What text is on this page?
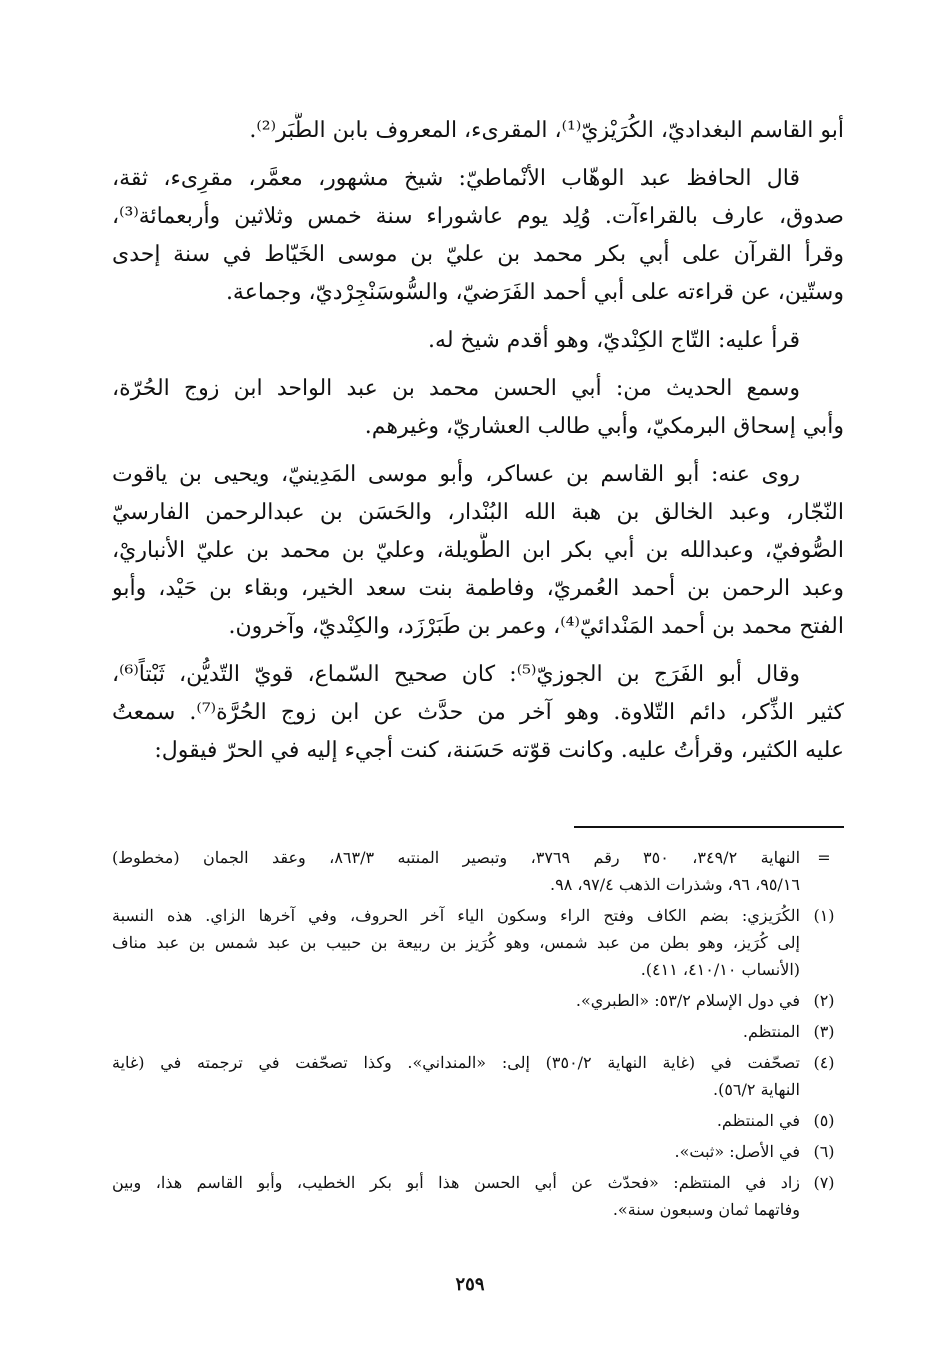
أبو القاسم البغداديّ، الكُرَيْزيّ⁽¹⁾، المقرىء، المعروف بابن الطَّبَر⁽²⁾.
قال الحافظ عبد الوهّاب الأنْماطيّ: شيخ مشهور، معمَّر، مقرِىء، ثقة،
صدوق، عارف بالقراءآت. وُلِد يوم عاشوراء سنة خمس وثلاثين وأربعمائة⁽³⁾،
وقرأ القرآن على أبي بكر محمد بن عليّ بن موسى الخَيّاط في سنة إحدى
وستّين، عن قراءته على أبي أحمد الفَرَضيّ، والسُّوسَنْجِرْديّ، وجماعة.
قرأ عليه: التّاج الكِنْديّ، وهو أقدم شيخ له.
وسمع الحديث من: أبي الحسن محمد بن عبد الواحد ابن زوج الحُرّة،
وأبي إسحاق البرمكيّ، وأبي طالب العشاريّ، وغيرهم.
روى عنه: أبو القاسم بن عساكر، وأبو موسى المَدِينيّ، ويحيى بن ياقوت
النّجّار، وعبد الخالق بن هبة الله البُنْدار، والحَسَن بن عبدالرحمن الفارسيّ
الصُّوفيّ، وعبدالله بن أبي بكر ابن الطُّويلة، وعليّ بن محمد بن عليّ الأنباريْ،
وعبد الرحمن بن أحمد العُمريّ، وفاطمة بنت سعد الخير، وبقاء بن حَيْد، وأبو
الفتح محمد بن أحمد المَنْدائيّ⁽⁴⁾، وعمر بن طَبَرْزَد، والكِنْديّ، وآخرون.
وقال أبو الفَرَج بن الجوزيّ⁽⁵⁾: كان صحيح السّماع، قويّ التّديُّن، ثَبْتاً⁽⁶⁾،
كثير الذِّكر، دائم التّلاوة. وهو آخر من حدَّث عن ابن زوج الحُرَّة⁽⁷⁾. سمعتُ
عليه الكثير، وقرأتُ عليه. وكانت قوّته حَسَنة، كنت أجيء إليه في الحرّ فيقول:
=
النهاية ٣٤٩/٢، ٣٥٠ رقم ٣٧٦٩، وتبصير المنتبه ٨٦٣/٣، وعقد الجمان (مخطوط)
٩٥/١٦، ٩٦، وشذرات الذهب ٩٧/٤، ٩٨.
(١)
الكُرَيزي: بضم الكاف وفتح الراء وسكون الياء آخر الحروف، وفي آخرها الزاي. هذه النسبة
إلى كُرَيز، وهو بطن من عبد شمس، وهو كُرَيز بن ربيعة بن حبيب بن عبد شمس بن عبد مناف
(الأنساب ٤١٠/١٠، ٤١١).
(٢)
في دول الإسلام ٥٣/٢: «الطبري».
(٣)
المنتظم.
(٤)
تصحّفت في (غاية النهاية ٣٥٠/٢) إلى: «المنداني». وكذا تصحّفت في ترجمته في (غاية
النهاية ٥٦/٢).
(٥)
في المنتظم.
(٦)
في الأصل: «ثبت».
(٧)
زاد في المنتظم: «فحدّث عن أبي الحسن هذا أبو بكر الخطيب، وأبو القاسم هذا، وبين
وفاتهما ثمان وسبعون سنة».
٢٥٩
